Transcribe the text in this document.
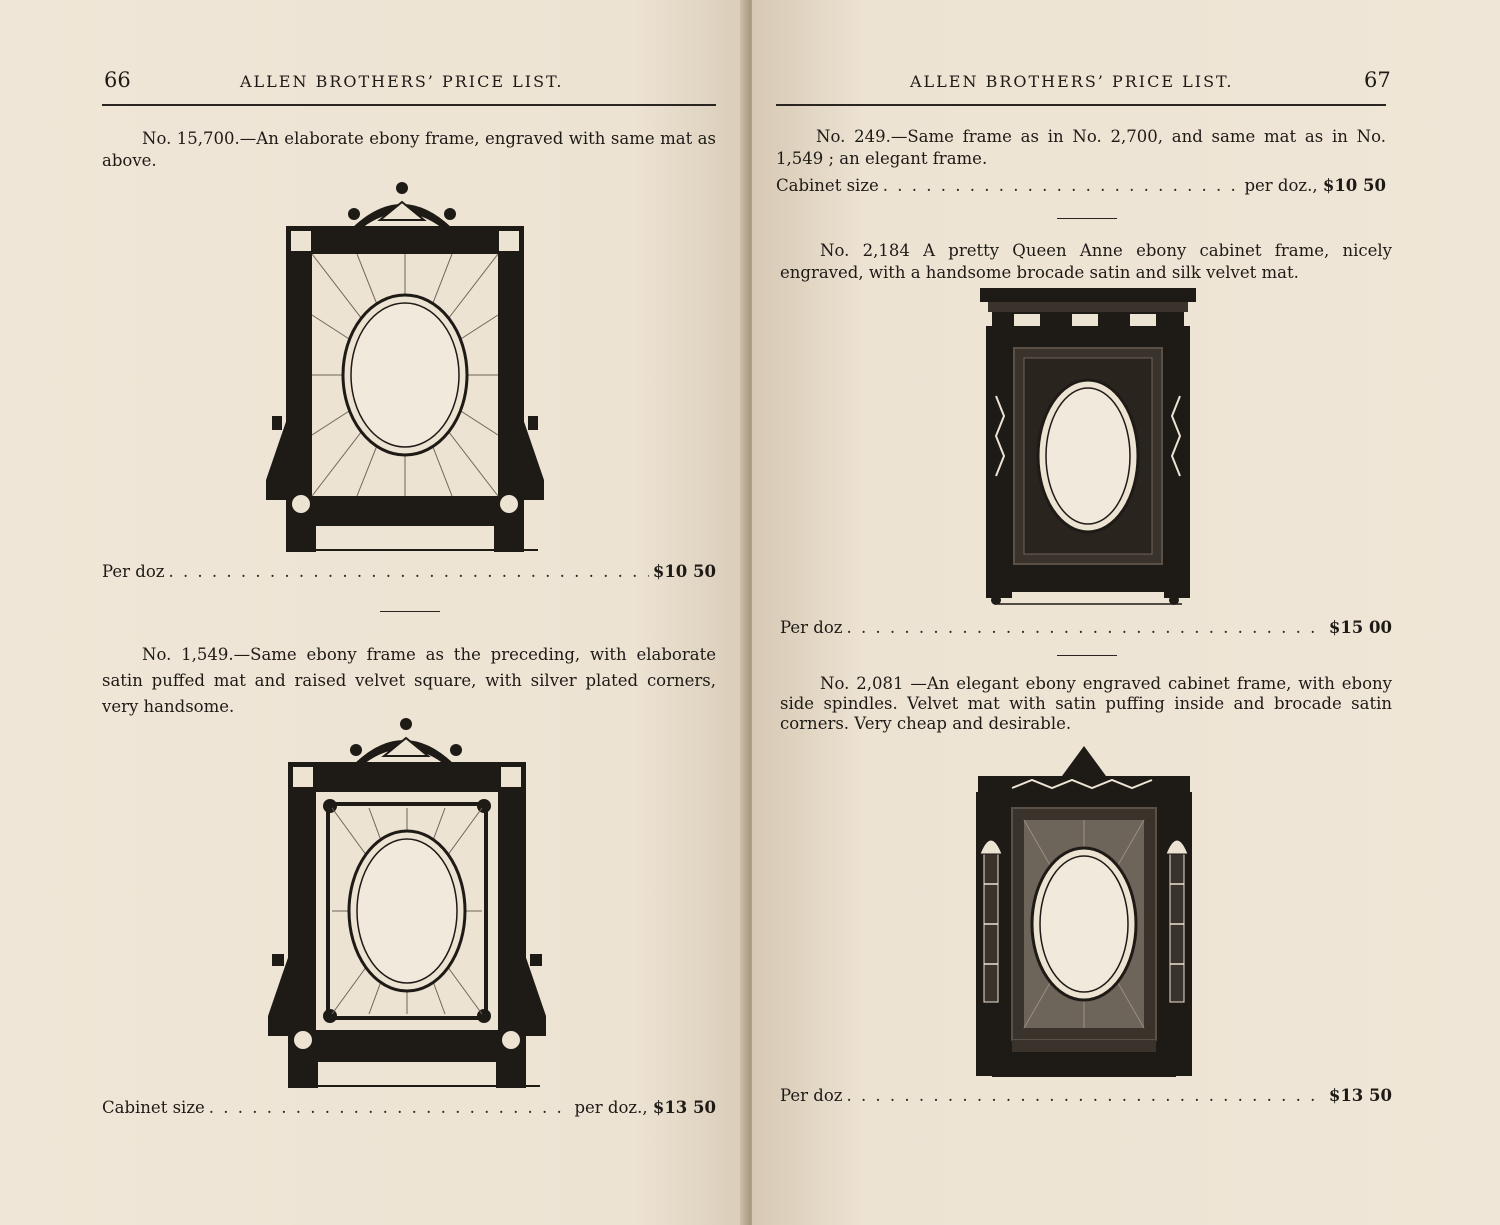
66	ALLEN BROTHERS’ PRICE LIST.
No. 15,700.—An elaborate ebony frame, engraved with same mat as above.
Per doz . . .	$10 50
No. 1,549.—Same ebony frame as the preceding, with elaborate satin puffed mat and raised velvet square, with silver plated corners, very handsome.
Cabinet size . . .	per doz.,
$13 50
ALLEN BROTHERS’ PRICE LIST.	67
No. 249.—Same frame as in No. 2,700, and same mat as in No. 1,549 ; an elegant frame.
Cabinet size . . .	per doz.,
$10 50
No. 2,184 A pretty Queen Anne ebony cabinet frame, nicely engraved, with a handsome brocade satin and silk velvet mat.
Per doz . . .	$15 00
No. 2,081 —An elegant ebony engraved cabinet frame, with ebony side spindles. Velvet mat with satin puffing inside and brocade satin corners. Very cheap and desirable.
Per doz . . .	$13 50
